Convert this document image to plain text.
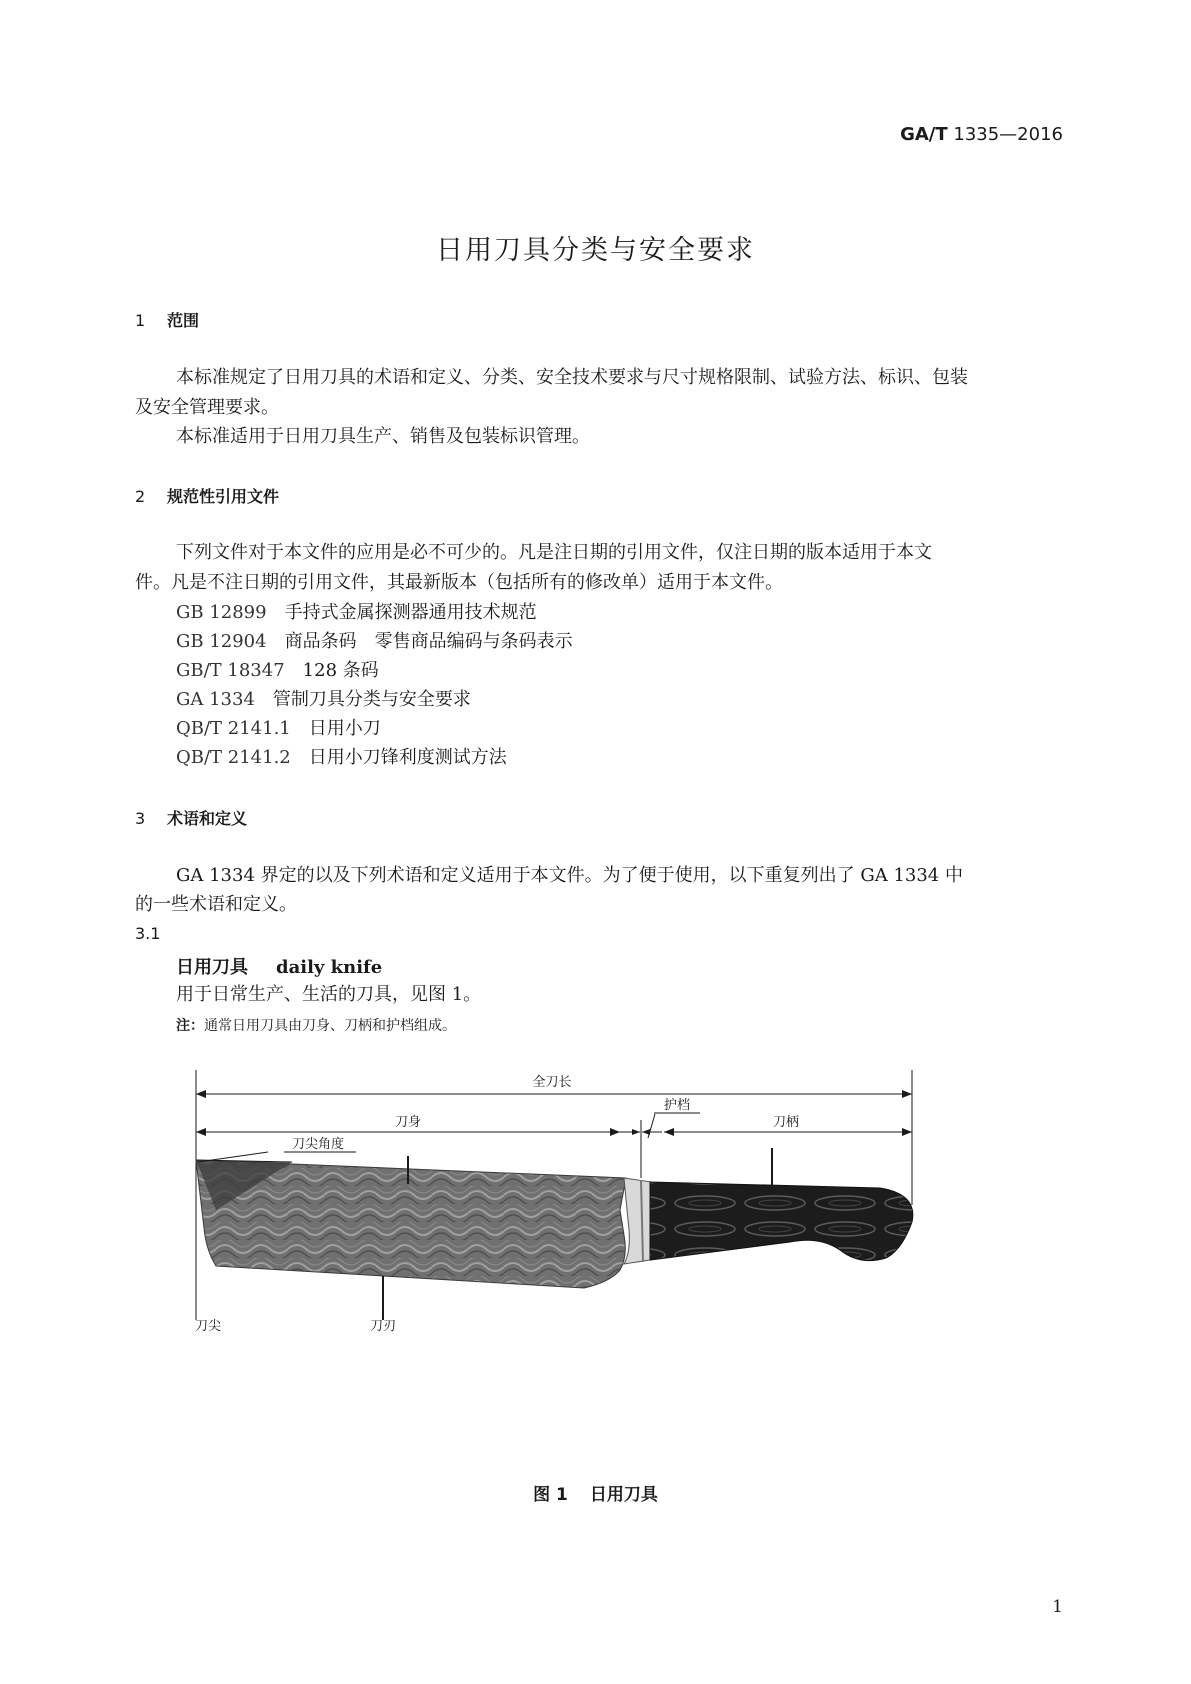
GA/T 1335—2016
日用刀具分类与安全要求
1 范围
本标准规定了日用刀具的术语和定义、分类、安全技术要求与尺寸规格限制、试验方法、标识、包装
及安全管理要求。
本标准适用于日用刀具生产、销售及包装标识管理。
2 规范性引用文件
下列文件对于本文件的应用是必不可少的。凡是注日期的引用文件，仅注日期的版本适用于本文
件。凡是不注日期的引用文件，其最新版本（包括所有的修改单）适用于本文件。
GB 12899 手持式金属探测器通用技术规范
GB 12904 商品条码　零售商品编码与条码表示
GB/T 18347 128 条码
GA 1334 管制刀具分类与安全要求
QB/T 2141.1 日用小刀
QB/T 2141.2 日用小刀锋利度测试方法
3 术语和定义
GA 1334 界定的以及下列术语和定义适用于本文件。为了便于使用，以下重复列出了 GA 1334 中
的一些术语和定义。
3.1
日用刀具 daily knife
用于日常生产、生活的刀具，见图 1。
注：通常日用刀具由刀身、刀柄和护档组成。
全刀长
刀身
护档
刀柄
刀尖角度
刀尖	刀刃
图 1 日用刀具
1
